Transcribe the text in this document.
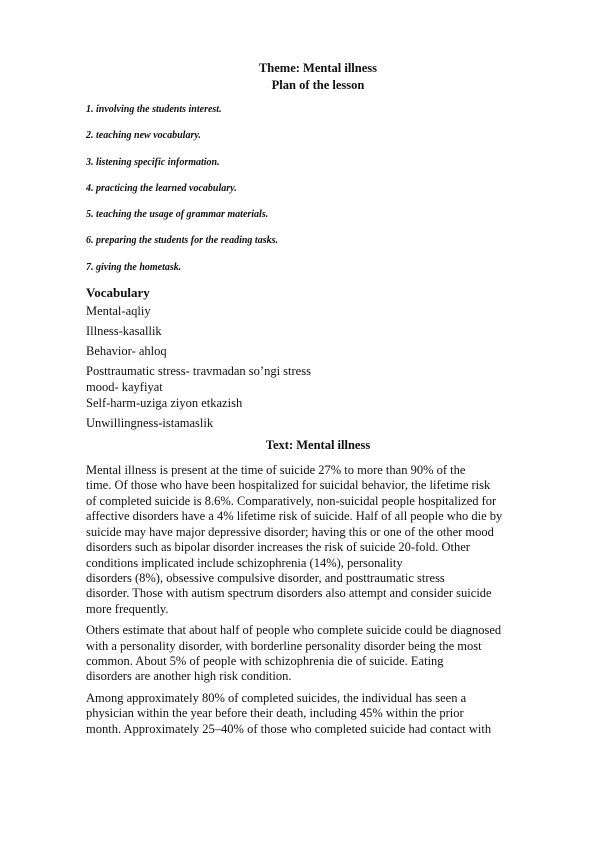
Theme: Mental illness
Plan of the lesson
1. involving the students interest.
2. teaching new vocabulary.
3. listening specific information.
4. practicing the learned vocabulary.
5. teaching the usage of grammar materials.
6. preparing the students for the reading tasks.
7. giving the hometask.
Vocabulary
Mental-aqliy
Illness-kasallik
Behavior- ahloq
Posttraumatic stress- travmadan so’ngi stress
mood- kayfiyat
Self-harm-uziga ziyon etkazish
Unwillingness-istamaslik
Text: Mental illness

Mental illness is present at the time of suicide 27% to more than 90% of the
time. Of those who have been hospitalized for suicidal behavior, the lifetime risk
of completed suicide is 8.6%. Comparatively, non-suicidal people hospitalized for
affective disorders have a 4% lifetime risk of suicide. Half of all people who die by
suicide may have major depressive disorder; having this or one of the other mood
disorders such as bipolar disorder increases the risk of suicide 20-fold. Other
conditions implicated include schizophrenia (14%), personality
disorders (8%), obsessive compulsive disorder, and posttraumatic stress
disorder. Those with autism spectrum disorders also attempt and consider suicide
more frequently.

Others estimate that about half of people who complete suicide could be diagnosed
with a personality disorder, with borderline personality disorder being the most
common. About 5% of people with schizophrenia die of suicide. Eating
disorders are another high risk condition.

Among approximately 80% of completed suicides, the individual has seen a
physician within the year before their death, including 45% within the prior
month. Approximately 25–40% of those who completed suicide had contact with
